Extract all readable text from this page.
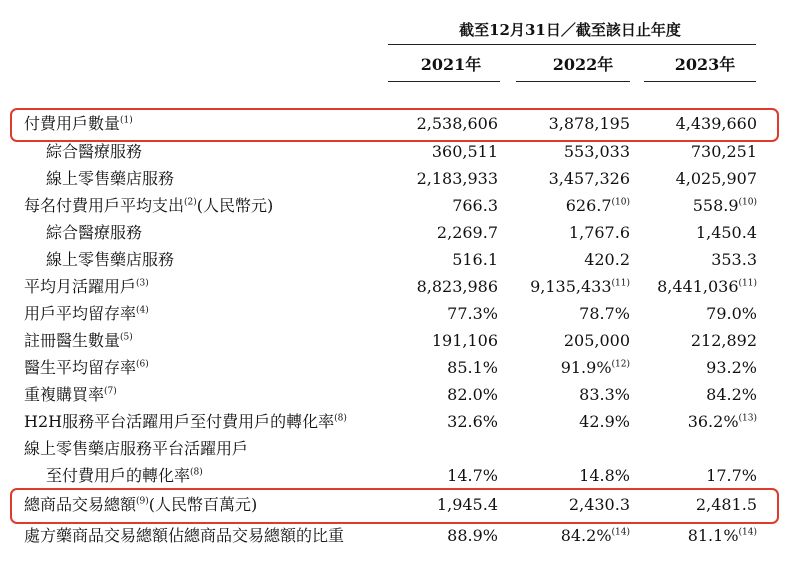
截至12月31日／截至該日止年度
2021年	2022年	2023年
付費用戶數量$^{(1)}$	2,538,606	3,878,195	4,439,660
綜合醫療服務	360,511	553,033	730,251
線上零售藥店服務	2,183,933	3,457,326	4,025,907
每名付費用戶平均支出$^{(2)}$(人民幣元)	766.3	626.7$^{(10)}$	558.9$^{(10)}$
綜合醫療服務	2,269.7	1,767.6	1,450.4
線上零售藥店服務	516.1	420.2	353.3
平均月活躍用戶$^{(3)}$	8,823,986 9,135,433$^{(11)}$ 8,441,036$^{(11)}$
用戶平均留存率$^{(4)}$	77.3%	78.7%	79.0%
註冊醫生數量$^{(5)}$	191,106	205,000	212,892
醫生平均留存率$^{(6)}$	85.1%	91.9%$^{(12)}$	93.2%
重複購買率$^{(7)}$	82.0%	83.3%	84.2%
H2H服務平台活躍用戶至付費用戶的轉化率$^{(8)}$	32.6%	42.9%	36.2%$^{(13)}$
線上零售藥店服務平台活躍用戶
至付費用戶的轉化率$^{(8)}$	14.7%	14.8%	17.7%
總商品交易總額$^{(9)}$(人民幣百萬元)	1,945.4	2,430.3	2,481.5
處方藥商品交易總額佔總商品交易總額的比重	88.9%	84.2%$^{(14)}$	81.1%$^{(14)}$
